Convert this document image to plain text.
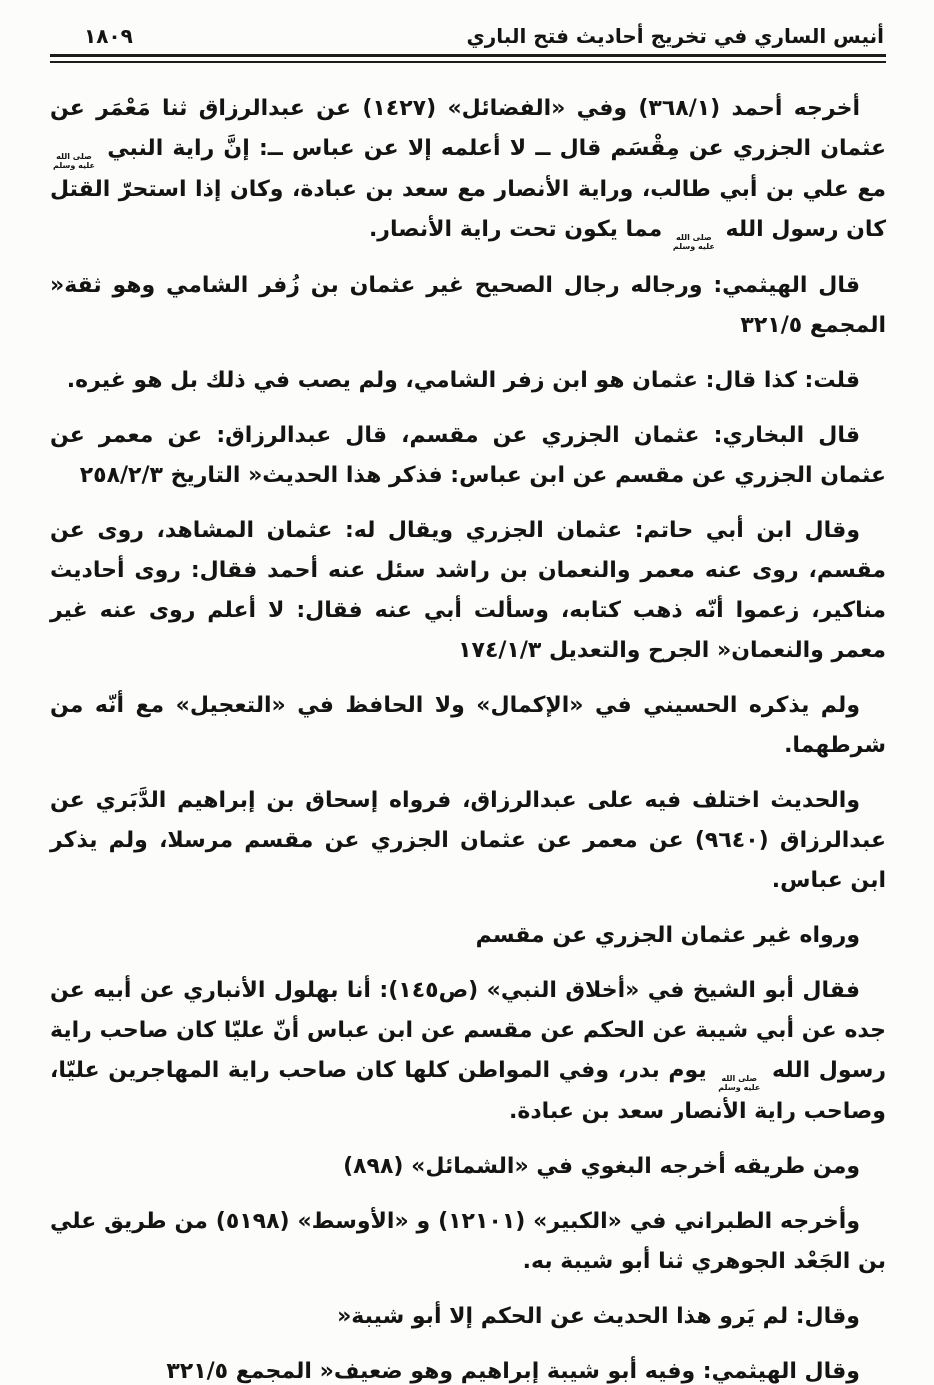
أنيس الساري في تخريج أحاديث فتح الباري
١٨٠٩

أخرجه أحمد (٣٦٨/١) وفي «الفضائل» (١٤٢٧) عن عبدالرزاق ثنا مَعْمَر عن عثمان الجزري عن مِقْسَم قال ــ لا أعلمه إلا عن عباس ــ: إنَّ راية النبي
صلى الله
عليه وسلم
مع علي بن أبي طالب، وراية الأنصار مع سعد بن عبادة، وكان إذا استحرّ القتل كان رسول الله
صلى الله
عليه وسلم
مما يكون تحت راية الأنصار.

قال الهيثمي: ورجاله رجال الصحيح غير عثمان بن زُفر الشامي وهو ثقة« المجمع ٣٢١/٥

قلت: كذا قال: عثمان هو ابن زفر الشامي، ولم يصب في ذلك بل هو غيره.

قال البخاري: عثمان الجزري عن مقسم، قال عبدالرزاق: عن معمر عن عثمان الجزري عن مقسم عن ابن عباس: فذكر هذا الحديث« التاريخ ٢٥٨/٢/٣

وقال ابن أبي حاتم: عثمان الجزري ويقال له: عثمان المشاهد، روى عن مقسم، روى عنه معمر والنعمان بن راشد سئل عنه أحمد فقال: روى أحاديث مناكير، زعموا أنّه ذهب كتابه، وسألت أبي عنه فقال: لا أعلم روى عنه غير معمر والنعمان« الجرح والتعديل ١٧٤/١/٣

ولم يذكره الحسيني في «الإكمال» ولا الحافظ في «التعجيل» مع أنّه من شرطهما.

والحديث اختلف فيه على عبدالرزاق، فرواه إسحاق بن إبراهيم الدَّبَري عن عبدالرزاق (٩٦٤٠) عن معمر عن عثمان الجزري عن مقسم مرسلا، ولم يذكر ابن عباس.

ورواه غير عثمان الجزري عن مقسم

فقال أبو الشيخ في «أخلاق النبي» (ص١٤٥): أنا بهلول الأنباري عن أبيه عن جده عن أبي شيبة عن الحكم عن مقسم عن ابن عباس أنّ عليّا كان صاحب راية رسول الله
صلى الله
عليه وسلم
يوم بدر، وفي المواطن كلها كان صاحب راية المهاجرين عليّا، وصاحب راية الأنصار سعد بن عبادة.

ومن طريقه أخرجه البغوي في «الشمائل» (٨٩٨)

وأخرجه الطبراني في «الكبير» (١٢١٠١) و «الأوسط» (٥١٩٨) من طريق علي بن الجَعْد الجوهري ثنا أبو شيبة به.

وقال: لم يَرو هذا الحديث عن الحكم إلا أبو شيبة«

وقال الهيثمي: وفيه أبو شيبة إبراهيم وهو ضعيف« المجمع ٣٢١/٥
